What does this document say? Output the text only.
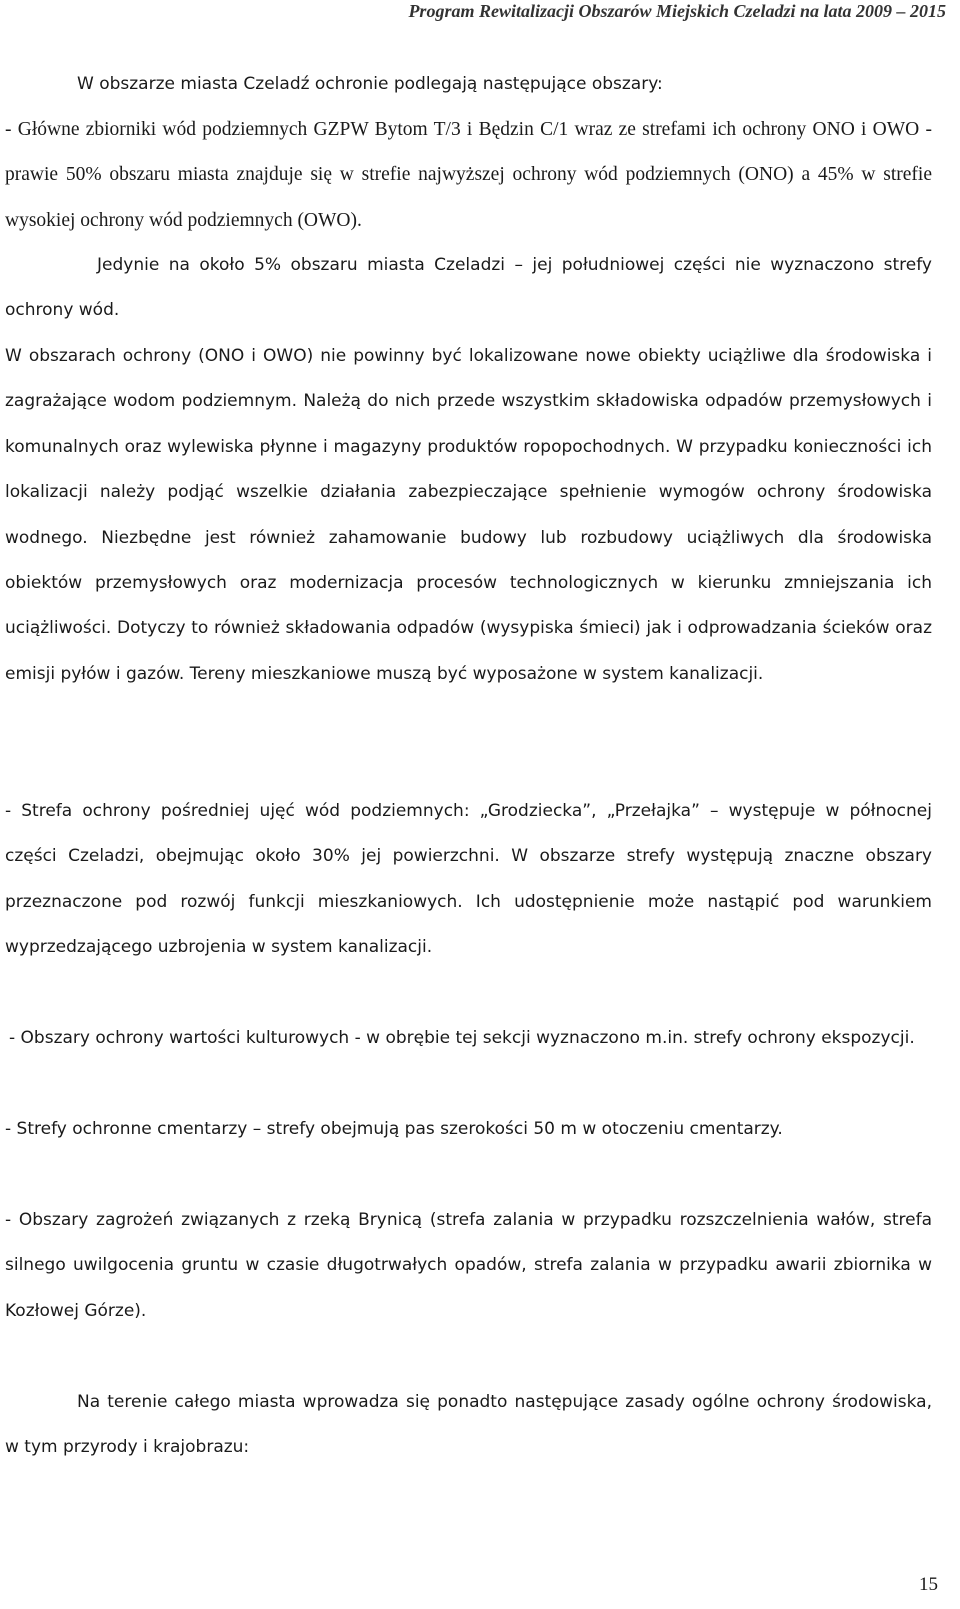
Program Rewitalizacji Obszarów Miejskich Czeladzi na lata 2009 – 2015

W obszarze miasta Czeladź ochronie podlegają następujące obszary:

- Główne zbiorniki wód podziemnych GZPW Bytom T/3 i Będzin C/1 wraz ze strefami ich ochrony ONO i OWO - prawie 50% obszaru miasta znajduje się w strefie najwyższej ochrony wód podziemnych (ONO) a 45% w strefie wysokiej ochrony wód podziemnych (OWO).

Jedynie na około 5% obszaru miasta Czeladzi – jej południowej części nie wyznaczono strefy ochrony wód.

W obszarach ochrony (ONO i OWO) nie powinny być lokalizowane nowe obiekty uciążliwe dla środowiska i zagrażające wodom podziemnym. Należą do nich przede wszystkim składowiska odpadów przemysłowych i komunalnych oraz wylewiska płynne i magazyny produktów ropopochodnych. W przypadku konieczności ich lokalizacji należy podjąć wszelkie działania zabezpieczające spełnienie wymogów ochrony środowiska wodnego. Niezbędne jest również zahamowanie budowy lub rozbudowy uciążliwych dla środowiska obiektów przemysłowych oraz modernizacja procesów technologicznych w kierunku zmniejszania ich uciążliwości. Dotyczy to również składowania odpadów (wysypiska śmieci) jak i odprowadzania ścieków oraz emisji pyłów i gazów. Tereny mieszkaniowe muszą być wyposażone w system kanalizacji.

- Strefa ochrony pośredniej ujęć wód podziemnych: „Grodziecka”, „Przełajka” – występuje w północnej części Czeladzi, obejmując około 30% jej powierzchni. W obszarze strefy występują znaczne obszary przeznaczone pod rozwój funkcji mieszkaniowych. Ich udostępnienie może nastąpić pod warunkiem wyprzedzającego uzbrojenia w system kanalizacji.

- Obszary ochrony wartości kulturowych - w obrębie tej sekcji wyznaczono m.in. strefy ochrony ekspozycji.

- Strefy ochronne cmentarzy – strefy obejmują pas szerokości 50 m w otoczeniu cmentarzy.

- Obszary zagrożeń związanych z rzeką Brynicą (strefa zalania w przypadku rozszczelnienia wałów, strefa silnego uwilgocenia gruntu w czasie długotrwałych opadów, strefa zalania w przypadku awarii zbiornika w Kozłowej Górze).

Na terenie całego miasta wprowadza się ponadto następujące zasady ogólne ochrony środowiska, w tym przyrody i krajobrazu:

15
